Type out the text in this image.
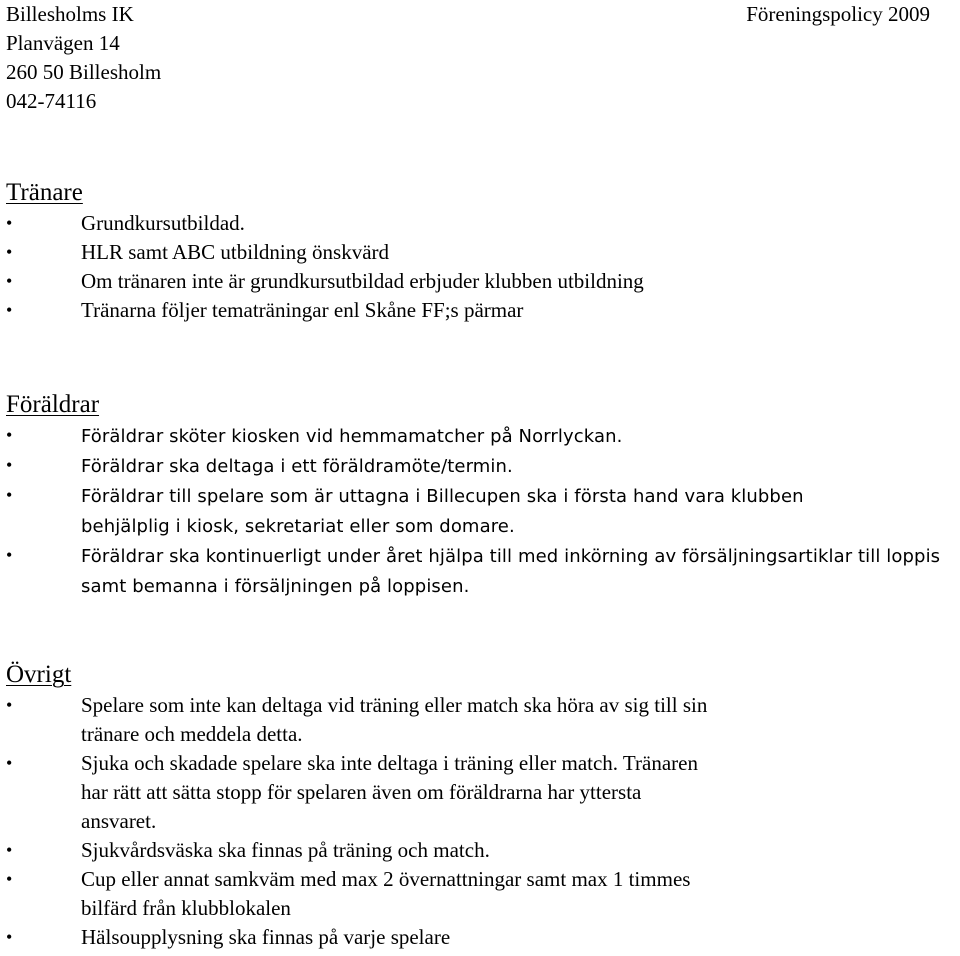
Billesholms IK	Föreningspolicy 2009
Planvägen 14
260 50 Billesholm
042-74116
Tränare
•	Grundkursutbildad.
•	HLR samt ABC utbildning önskvärd
•	Om tränaren inte är grundkursutbildad erbjuder klubben utbildning
•	Tränarna följer tematräningar enl Skåne FF;s pärmar
Föräldrar
•	Föräldrar sköter kiosken vid hemmamatcher på Norrlyckan.
•	Föräldrar ska deltaga i ett föräldramöte/termin.
•	Föräldrar till spelare som är uttagna i Billecupen ska i första hand vara klubben behjälplig i kiosk, sekretariat eller som domare.
•	Föräldrar ska kontinuerligt under året hjälpa till med inkörning av försäljningsartiklar till loppis samt bemanna i försäljningen på loppisen.
Övrigt
•	Spelare som inte kan deltaga vid träning eller match ska höra av sig till sin tränare och meddela detta.
•	Sjuka och skadade spelare ska inte deltaga i träning eller match. Tränaren har rätt att sätta stopp för spelaren även om föräldrarna har yttersta ansvaret.
•	Sjukvårdsväska ska finnas på träning och match.
•	Cup eller annat samkväm med max 2 övernattningar samt max 1 timmes bilfärd från klubblokalen
•	Hälsoupplysning ska finnas på varje spelare
